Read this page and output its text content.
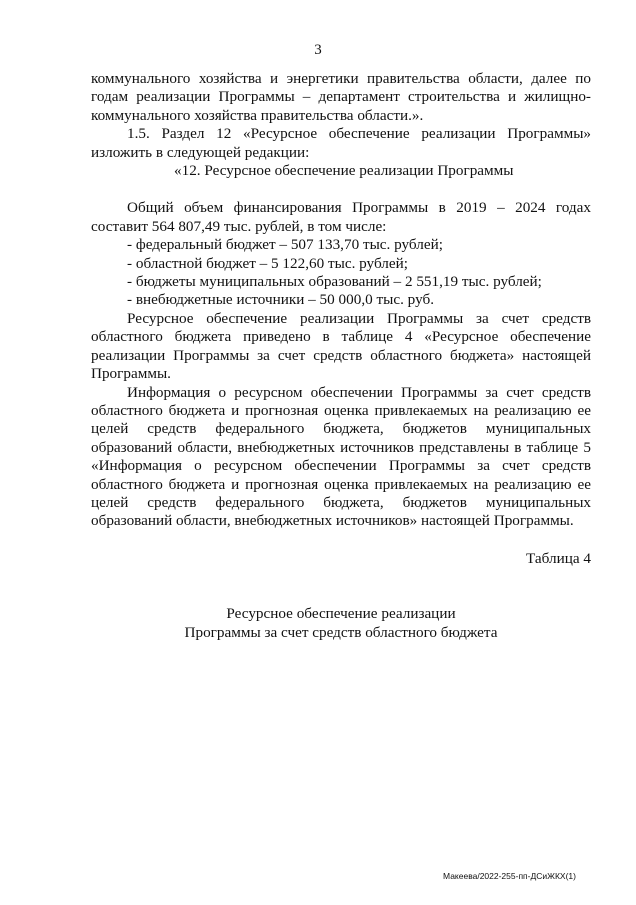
3

коммунального хозяйства и энергетики правительства области, далее по

годам реализации Программы – департамент строительства и жилищно-

коммунального хозяйства правительства области.».

1.5. Раздел 12 «Ресурсное обеспечение реализации Программы»

изложить в следующей редакции:

«12. Ресурсное обеспечение реализации Программы

Общий объем финансирования Программы в 2019 – 2024 годах

составит 564 807,49 тыс. рублей, в том числе:

- федеральный бюджет – 507 133,70 тыс. рублей;

- областной бюджет – 5 122,60 тыс. рублей;

- бюджеты муниципальных образований – 2 551,19 тыс. рублей;

- внебюджетные источники – 50 000,0 тыс. руб.

Ресурсное обеспечение реализации Программы за счет средств

областного бюджета приведено в таблице 4 «Ресурсное обеспечение

реализации Программы за счет средств областного бюджета» настоящей

Программы.

Информация о ресурсном обеспечении Программы за счет средств

областного бюджета и прогнозная оценка привлекаемых на реализацию ее

целей средств федерального бюджета, бюджетов муниципальных

образований области, внебюджетных источников представлены в таблице 5

«Информация о ресурсном обеспечении Программы за счет средств

областного бюджета и прогнозная оценка привлекаемых на реализацию ее

целей средств федерального бюджета, бюджетов муниципальных

образований области, внебюджетных источников» настоящей Программы.

Таблица 4

Ресурсное обеспечение реализации

Программы за счет средств областного бюджета

Макеева/2022-255-пп-ДСиЖКХ(1)
